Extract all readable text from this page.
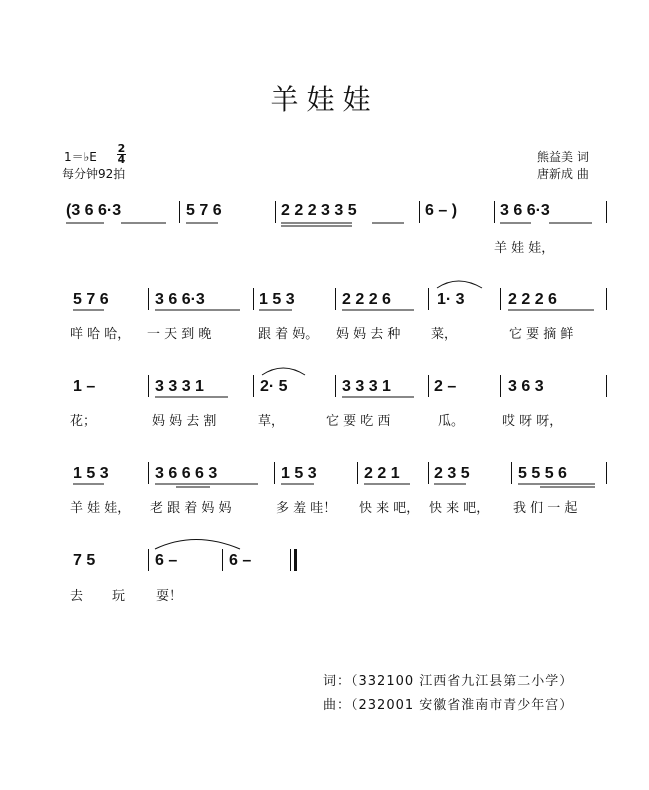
羊娃娃
1＝♭E
2
4
每分钟92拍
熊益美 词
唐新成 曲
(3 6 6·3	5 7 6	2 2 2 3 3 5	6 – )	3 6 6·3
羊 娃 娃，
5 7 6	3 6 6·3	1 5 3	2 2 2 6	1· 3	2 2 2 6
咩 哈 哈， 一 天 到 晚	跟 着 妈。 妈 妈 去 种 菜，	它 要 摘 鲜
1 –	3 3 3 1	2· 5	3 3 3 1	2 –	3 6 3
花；	妈 妈 去 割	草，	它 要 吃 西	瓜。	哎 呀 呀，
1 5 3	3 6 6 6 3	1 5 3	2 2 1 2 3 5	5 5 5 6
羊 娃 娃， 老 跟 着 妈 妈	多 羞 哇！ 快 来 吧， 快 来 吧， 我 们 一 起
7 5	6 –	6 –
去 玩 耍！
词：（332100 江西省九江县第二小学）
曲：（232001 安徽省淮南市青少年宫）
